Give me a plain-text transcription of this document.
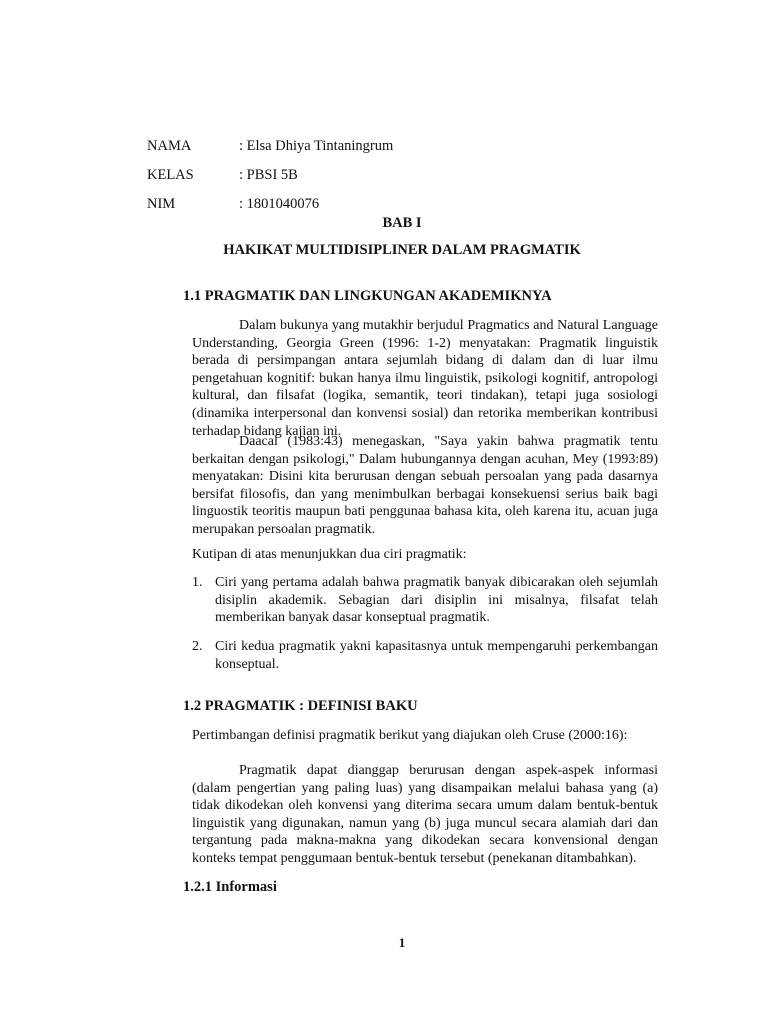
NAMA	: Elsa Dhiya Tintaningrum
KELAS	: PBSI 5B
NIM	: 1801040076
BAB I
HAKIKAT MULTIDISIPLINER DALAM PRAGMATIK
1.1 PRAGMATIK DAN LINGKUNGAN AKADEMIKNYA

Dalam bukunya yang mutakhir berjudul Pragmatics and Natural Language Understanding, Georgia Green (1996: 1-2) menyatakan: Pragmatik linguistik berada di persimpangan antara sejumlah bidang di dalam dan di luar ilmu pengetahuan kognitif: bukan hanya ilmu linguistik, psikologi kognitif, antropologi kultural, dan filsafat (logika, semantik, teori tindakan), tetapi juga sosiologi (dinamika interpersonal dan konvensi sosial) dan retorika memberikan kontribusi terhadap bidang kajian ini.

Daacal (1983:43) menegaskan, "Saya yakin bahwa pragmatik tentu berkaitan dengan psikologi," Dalam hubungannya dengan acuhan, Mey (1993:89) menyatakan: Disini kita berurusan dengan sebuah persoalan yang pada dasarnya bersifat filosofis, dan yang menimbulkan berbagai konsekuensi serius baik bagi linguostik teoritis maupun bati penggunaa bahasa kita, oleh karena itu, acuan juga merupakan persoalan pragmatik.

Kutipan di atas menunjukkan dua ciri pragmatik:

1. Ciri yang pertama adalah bahwa pragmatik banyak dibicarakan oleh sejumlah disiplin akademik. Sebagian dari disiplin ini misalnya, filsafat telah memberikan banyak dasar konseptual pragmatik.
2. Ciri kedua pragmatik yakni kapasitasnya untuk mempengaruhi perkembangan konseptual.
1.2 PRAGMATIK : DEFINISI BAKU

Pertimbangan definisi pragmatik berikut yang diajukan oleh Cruse (2000:16):

Pragmatik dapat dianggap berurusan dengan aspek-aspek informasi (dalam pengertian yang paling luas) yang disampaikan melalui bahasa yang (a) tidak dikodekan oleh konvensi yang diterima secara umum dalam bentuk-bentuk linguistik yang digunakan, namun yang (b) juga muncul secara alamiah dari dan tergantung pada makna-makna yang dikodekan secara konvensional dengan konteks tempat penggumaan bentuk-bentuk tersebut (penekanan ditambahkan).

1.2.1 Informasi
1
